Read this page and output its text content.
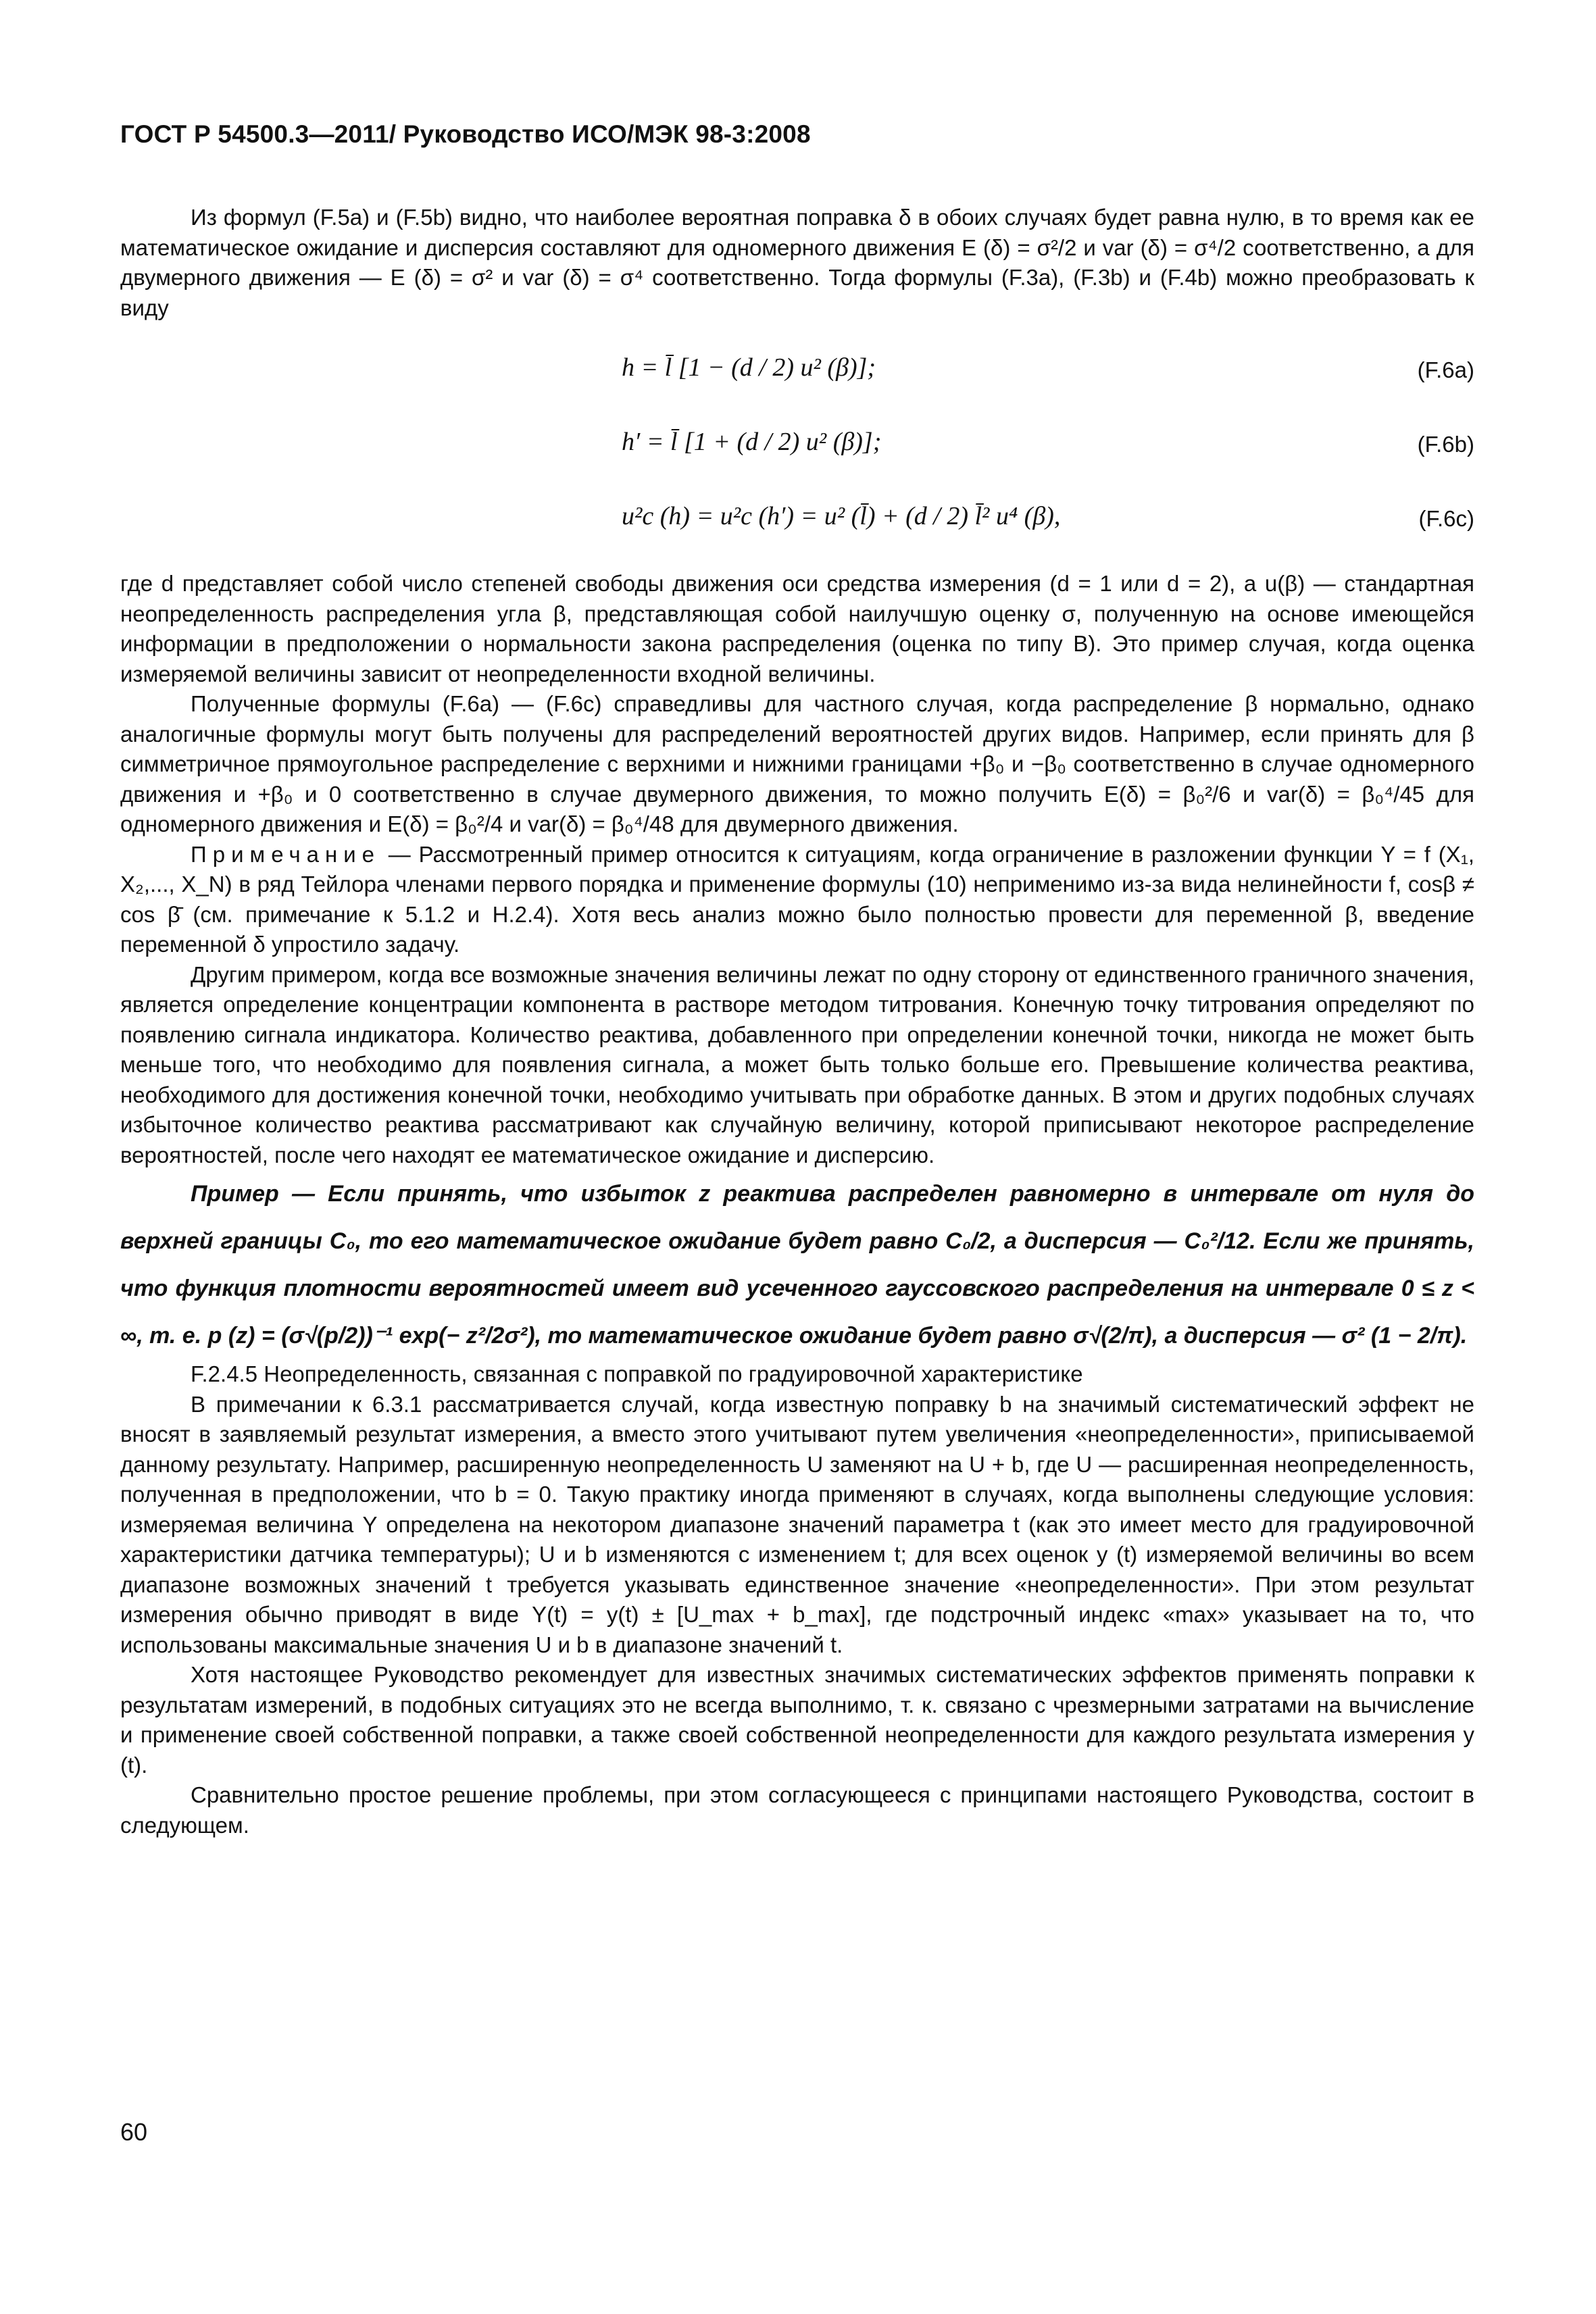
ГОСТ Р 54500.3—2011/ Руководство ИСО/МЭК 98-3:2008

Из формул (F.5a) и (F.5b) видно, что наиболее вероятная поправка δ в обоих случаях будет равна нулю, в то время как ее математическое ожидание и дисперсия составляют для одномерного движения E (δ) = σ²/2 и var (δ) = σ⁴/2 соответственно, а для двумерного движения — E (δ) = σ² и var (δ) = σ⁴ соответственно. Тогда формулы (F.3a), (F.3b) и (F.4b) можно преобразовать к виду

h = l̄ [1 − (d / 2) u² (β)];	(F.6a)
h′ = l̄ [1 + (d / 2) u² (β)];	(F.6b)
u²c (h) = u²c (h′) = u² (l̄) + (d / 2) l̄² u⁴ (β),	(F.6c)

где d представляет собой число степеней свободы движения оси средства измерения (d = 1 или d = 2), а u(β) — стандартная неопределенность распределения угла β, представляющая собой наилучшую оценку σ, полученную на основе имеющейся информации в предположении о нормальности закона распределения (оценка по типу B). Это пример случая, когда оценка измеряемой величины зависит от неопределенности входной величины.

Полученные формулы (F.6a) — (F.6c) справедливы для частного случая, когда распределение β нормально, однако аналогичные формулы могут быть получены для распределений вероятностей других видов. Например, если принять для β симметричное прямоугольное распределение с верхними и нижними границами +β₀ и −β₀ соответственно в случае одномерного движения и +β₀ и 0 соответственно в случае двумерного движения, то можно получить E(δ) = β₀²/6 и var(δ) = β₀⁴/45 для одномерного движения и E(δ) = β₀²/4 и var(δ) = β₀⁴/48 для двумерного движения.

Примечание — Рассмотренный пример относится к ситуациям, когда ограничение в разложении функции Y = f (X₁, X₂,..., X_N) в ряд Тейлора членами первого порядка и применение формулы (10) неприменимо из-за вида нелинейности f, cosβ ≠ cos β̄ (см. примечание к 5.1.2 и H.2.4). Хотя весь анализ можно было полностью провести для переменной β, введение переменной δ упростило задачу.

Другим примером, когда все возможные значения величины лежат по одну сторону от единственного граничного значения, является определение концентрации компонента в растворе методом титрования. Конечную точку титрования определяют по появлению сигнала индикатора. Количество реактива, добавленного при определении конечной точки, никогда не может быть меньше того, что необходимо для появления сигнала, а может быть только больше его. Превышение количества реактива, необходимого для достижения конечной точки, необходимо учитывать при обработке данных. В этом и других подобных случаях избыточное количество реактива рассматривают как случайную величину, которой приписывают некоторое распределение вероятностей, после чего находят ее математическое ожидание и дисперсию.

Пример — Если принять, что избыток z реактива распределен равномерно в интервале от нуля до верхней границы C₀, то его математическое ожидание будет равно C₀/2, а дисперсия — C₀²/12. Если же принять, что функция плотности вероятностей имеет вид усеченного гауссовского распределения на интервале 0 ≤ z < ∞, т. е. p (z) = (σ√(p/2))⁻¹ exp(− z²/2σ²), то математическое ожидание будет равно σ√(2/π), а дисперсия — σ² (1 − 2/π).

F.2.4.5 Неопределенность, связанная с поправкой по градуировочной характеристике

В примечании к 6.3.1 рассматривается случай, когда известную поправку b на значимый систематический эффект не вносят в заявляемый результат измерения, а вместо этого учитывают путем увеличения «неопределенности», приписываемой данному результату. Например, расширенную неопределенность U заменяют на U + b, где U — расширенная неопределенность, полученная в предположении, что b = 0. Такую практику иногда применяют в случаях, когда выполнены следующие условия: измеряемая величина Y определена на некотором диапазоне значений параметра t (как это имеет место для градуировочной характеристики датчика температуры); U и b изменяются с изменением t; для всех оценок y (t) измеряемой величины во всем диапазоне возможных значений t требуется указывать единственное значение «неопределенности». При этом результат измерения обычно приводят в виде Y(t) = y(t) ± [U_max + b_max], где подстрочный индекс «max» указывает на то, что использованы максимальные значения U и b в диапазоне значений t.

Хотя настоящее Руководство рекомендует для известных значимых систематических эффектов применять поправки к результатам измерений, в подобных ситуациях это не всегда выполнимо, т. к. связано с чрезмерными затратами на вычисление и применение своей собственной поправки, а также своей собственной неопределенности для каждого результата измерения y (t).

Сравнительно простое решение проблемы, при этом согласующееся с принципами настоящего Руководства, состоит в следующем.

60
